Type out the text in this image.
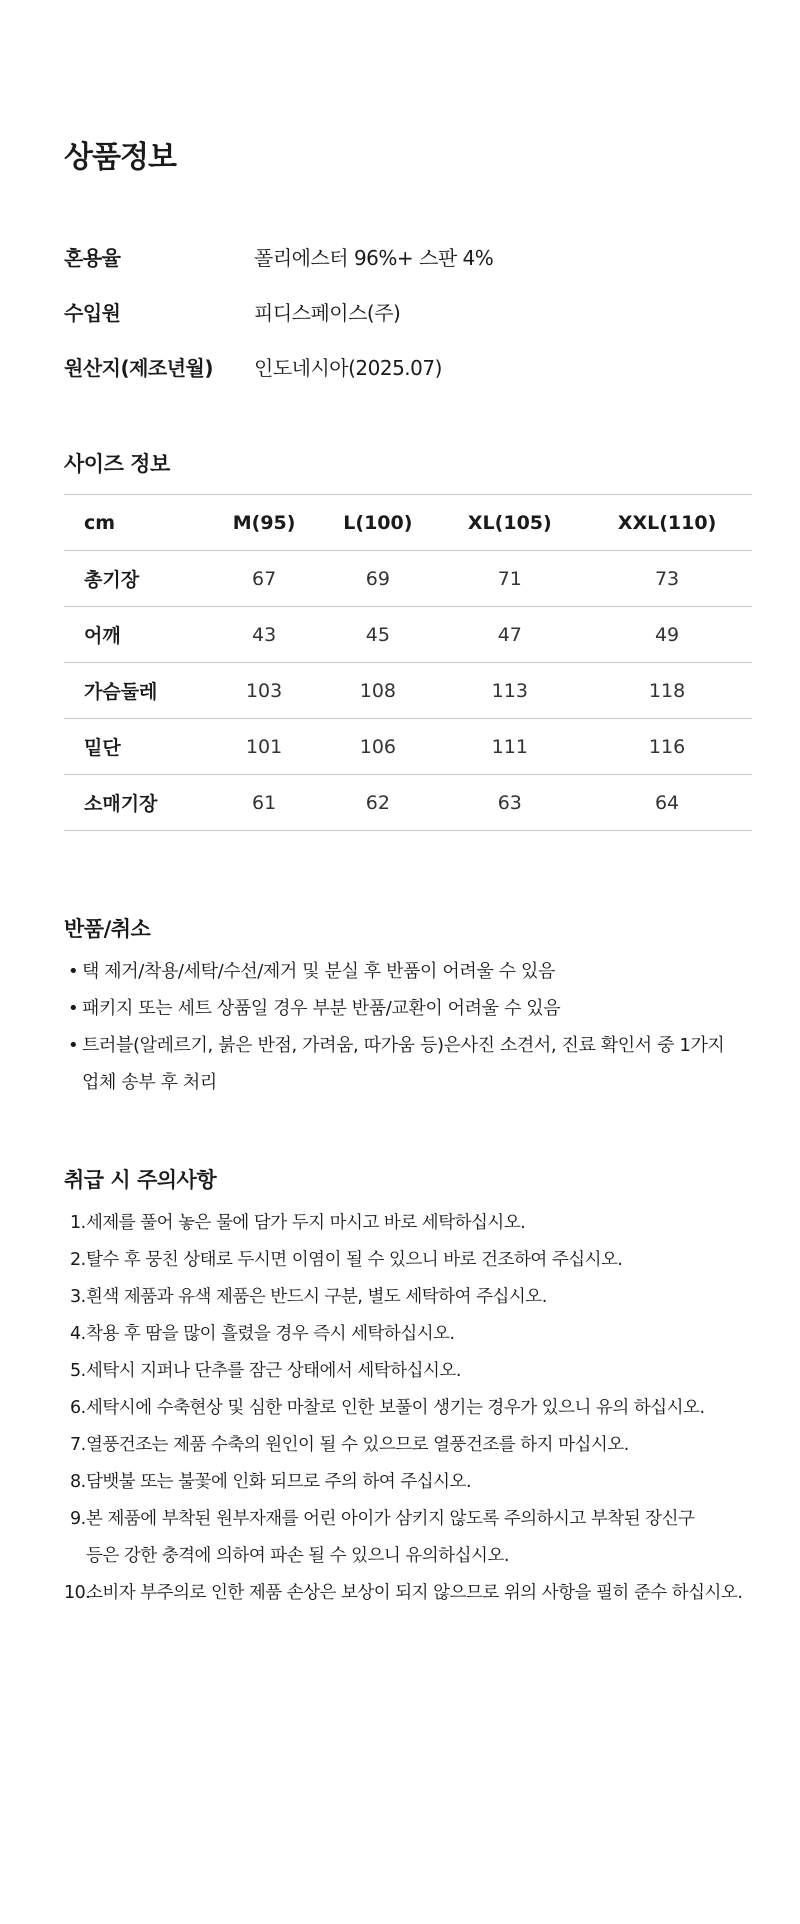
상품정보
혼용율	폴리에스터 96%+ 스판 4%
수입원	피디스페이스(주)
원산지(제조년월) 인도네시아(2025.07)
사이즈 정보
cm	M(95)	L(100)	XL(105)	XXL(110)
총기장	67	69	71	73
어깨	43	45	47	49
가슴둘레	103	108	113	118
밑단	101	106	111	116
소매기장	61	62	63	64
반품/취소
• 택 제거/착용/세탁/수선/제거 및 분실 후 반품이 어려울 수 있음
• 패키지 또는 세트 상품일 경우 부분 반품/교환이 어려울 수 있음
• 트러블(알레르기, 붉은 반점, 가려움, 따가움 등)은사진 소견서, 진료 확인서 중 1가지
업체 송부 후 처리
취급 시 주의사항
1. 세제를 풀어 놓은 물에 담가 두지 마시고 바로 세탁하십시오.
2. 탈수 후 뭉친 상태로 두시면 이염이 될 수 있으니 바로 건조하여 주십시오.
3. 흰색 제품과 유색 제품은 반드시 구분, 별도 세탁하여 주십시오.
4. 착용 후 땀을 많이 흘렸을 경우 즉시 세탁하십시오.
5. 세탁시 지퍼나 단추를 잠근 상태에서 세탁하십시오.
6. 세탁시에 수축현상 및 심한 마찰로 인한 보풀이 생기는 경우가 있으니 유의 하십시오.
7. 열풍건조는 제품 수축의 원인이 될 수 있으므로 열풍건조를 하지 마십시오.
8. 담뱃불 또는 불꽃에 인화 되므로 주의 하여 주십시오.
9. 본 제품에 부착된 원부자재를 어린 아이가 삼키지 않도록 주의하시고 부착된 장신구
등은 강한 충격에 의하여 파손 될 수 있으니 유의하십시오.
10.
소비자 부주의로 인한 제품 손상은 보상이 되지 않으므로 위의 사항을 필히 준수 하십시오.
